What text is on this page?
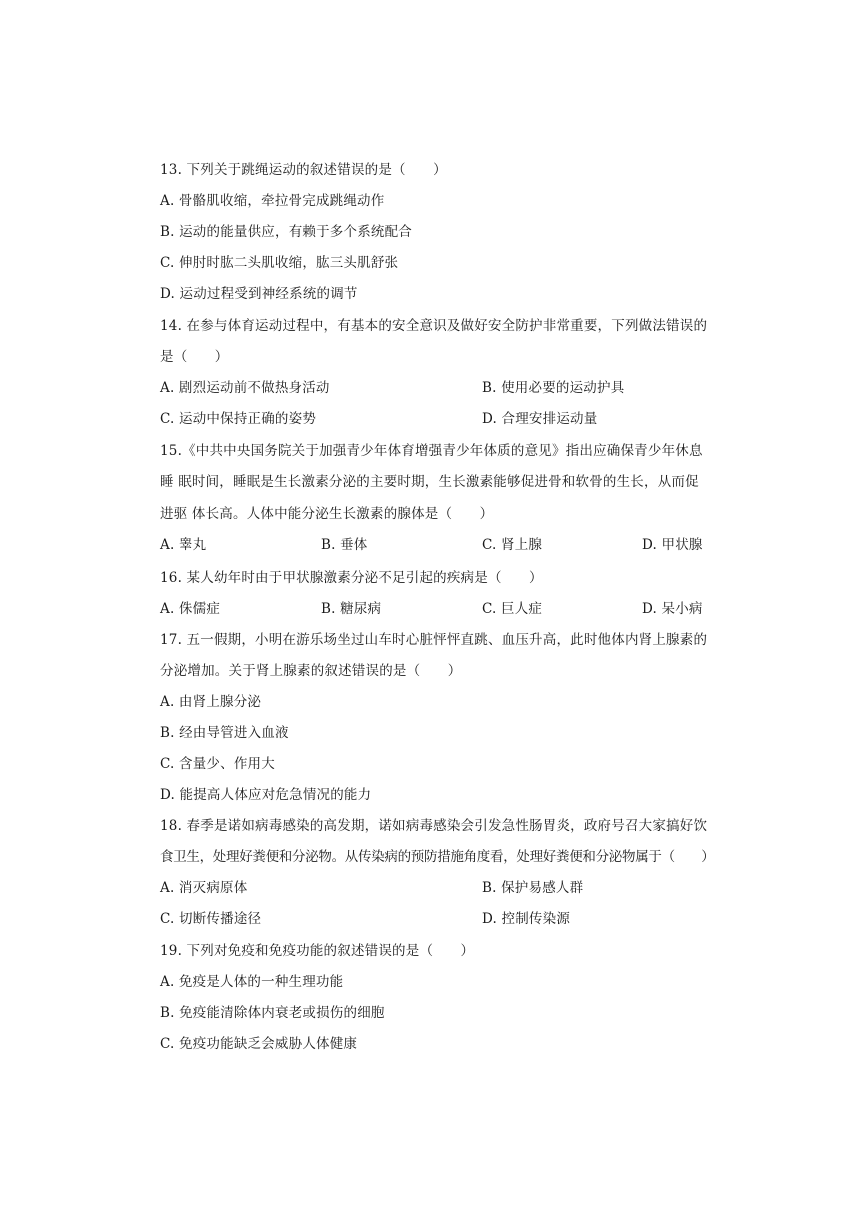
13. 下列关于跳绳运动的叙述错误的是（　　）
A. 骨骼肌收缩，牵拉骨完成跳绳动作
B. 运动的能量供应，有赖于多个系统配合
C. 伸肘时肱二头肌收缩，肱三头肌舒张
D. 运动过程受到神经系统的调节
14. 在参与体育运动过程中，有基本的安全意识及做好安全防护非常重要，下列做法错误的
是（　　）
A. 剧烈运动前不做热身活动	B. 使用必要的运动护具
C. 运动中保持正确的姿势	D. 合理安排运动量
15.《中共中央国务院关于加强青少年体育增强青少年体质的意见》指出应确保青少年休息
睡 眠时间，睡眠是生长激素分泌的主要时期，生长激素能够促进骨和软骨的生长，从而促
进驱 体长高。人体中能分泌生长激素的腺体是（　　）
A. 睾丸	B. 垂体	C. 肾上腺	D. 甲状腺
16. 某人幼年时由于甲状腺激素分泌不足引起的疾病是（　　）
A. 侏儒症	B. 糖尿病	C. 巨人症	D. 呆小病
17. 五一假期，小明在游乐场坐过山车时心脏怦怦直跳、血压升高，此时他体内肾上腺素的
分泌增加。关于肾上腺素的叙述错误的是（　　）
A. 由肾上腺分泌
B. 经由导管进入血液
C. 含量少、作用大
D. 能提高人体应对危急情况的能力
18. 春季是诺如病毒感染的高发期，诺如病毒感染会引发急性肠胃炎，政府号召大家搞好饮
食卫生，处理好粪便和分泌物。从传染病的预防措施角度看，处理好粪便和分泌物属于（　　）
A. 消灭病原体	B. 保护易感人群
C. 切断传播途径	D. 控制传染源
19. 下列对免疫和免疫功能的叙述错误的是（　　）
A. 免疫是人体的一种生理功能
B. 免疫能清除体内衰老或损伤的细胞
C. 免疫功能缺乏会威胁人体健康
